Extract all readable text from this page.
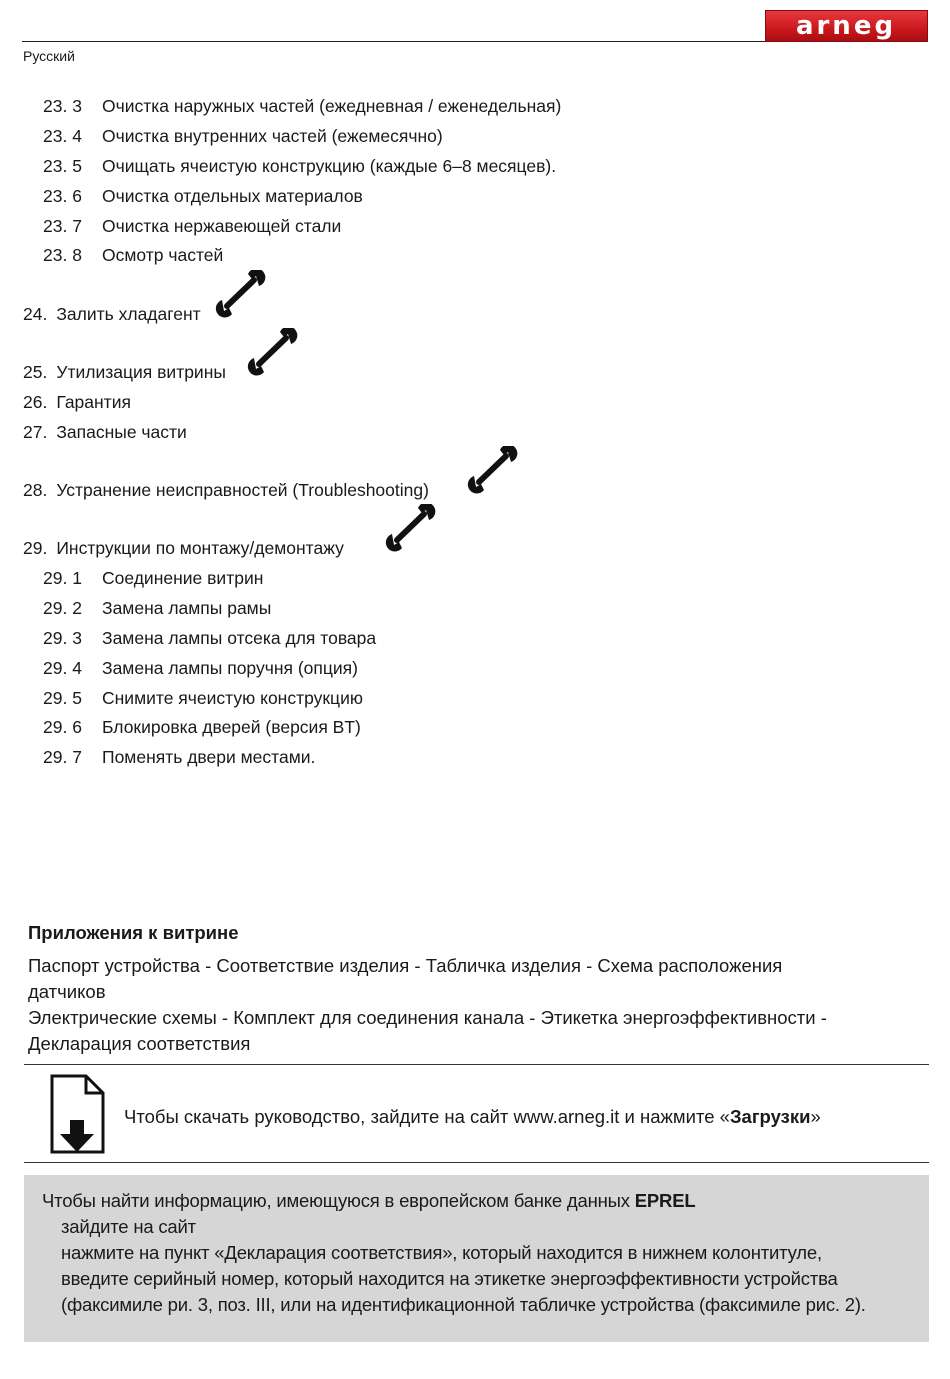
arneg
Русский
23. 3 Очистка наружных частей (ежедневная / еженедельная)
23. 4 Очистка внутренних частей (ежемесячно)
23. 5 Очищать ячеистую конструкцию (каждые 6–8 месяцев).
23. 6 Очистка отдельных материалов
23. 7 Очистка нержавеющей стали
23. 8 Осмотр частей
24. Залить хладагент
25. Утилизация витрины
26. Гарантия
27. Запасные части
28. Устранение неисправностей (Troubleshooting)
29. Инструкции по монтажу/демонтажу
29. 1 Соединение витрин
29. 2 Замена лампы рамы
29. 3 Замена лампы отсека для товара
29. 4 Замена лампы поручня (опция)
29. 5 Снимите ячеистую конструкцию
29. 6 Блокировка дверей (версия BT)
29. 7 Поменять двери местами.
Приложения к витрине
Паспорт устройства - Соответствие изделия - Табличка изделия - Схема расположения
датчиков
Электрические схемы - Комплект для соединения канала - Этикетка энергоэффективности -
Декларация соответствия
Чтобы скачать руководство, зайдите на сайт www.arneg.it и нажмите «Загрузки»
Чтобы найти информацию, имеющуюся в европейском банке данных EPREL
зайдите на сайт
нажмите на пункт «Декларация соответствия», который находится в нижнем колонтитуле,
введите серийный номер, который находится на этикетке энергоэффективности устройства
(факсимиле ри. 3, поз. III, или на идентификационной табличке устройства (факсимиле рис. 2).
